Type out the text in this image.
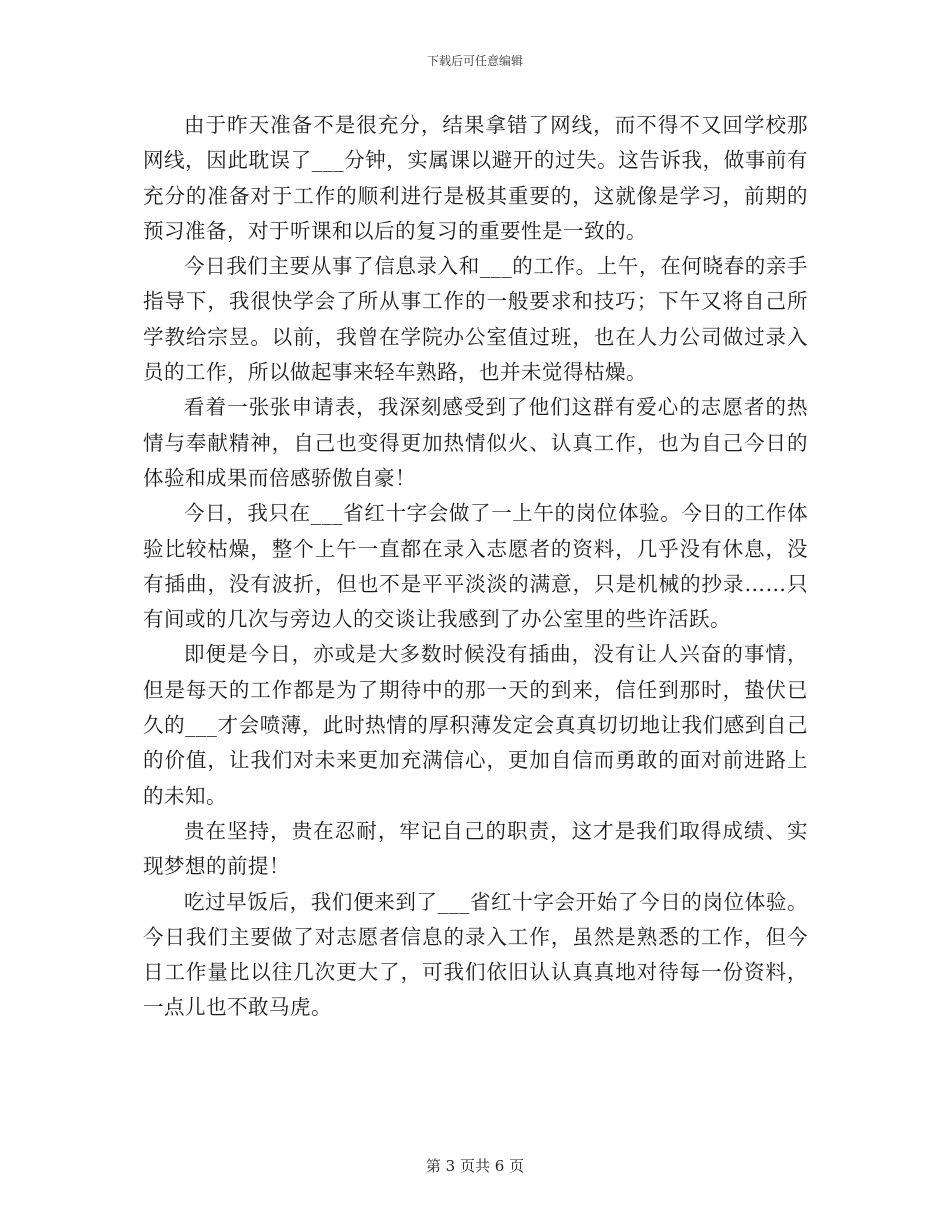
下载后可任意编辑

由于昨天准备不是很充分，结果拿错了网线，而不得不又回学校那网线，因此耽误了___分钟，实属课以避开的过失。这告诉我，做事前有充分的准备对于工作的顺利进行是极其重要的，这就像是学习，前期的预习准备，对于听课和以后的复习的重要性是一致的。

今日我们主要从事了信息录入和___的工作。上午，在何晓春的亲手指导下，我很快学会了所从事工作的一般要求和技巧；下午又将自己所学教给宗昱。以前，我曾在学院办公室值过班，也在人力公司做过录入员的工作，所以做起事来轻车熟路，也并未觉得枯燥。

看着一张张申请表，我深刻感受到了他们这群有爱心的志愿者的热情与奉献精神，自己也变得更加热情似火、认真工作，也为自己今日的体验和成果而倍感骄傲自豪！

今日，我只在___省红十字会做了一上午的岗位体验。今日的工作体验比较枯燥，整个上午一直都在录入志愿者的资料，几乎没有休息，没有插曲，没有波折，但也不是平平淡淡的满意，只是机械的抄录……只有间或的几次与旁边人的交谈让我感到了办公室里的些许活跃。

即便是今日，亦或是大多数时候没有插曲，没有让人兴奋的事情，但是每天的工作都是为了期待中的那一天的到来，信任到那时，蛰伏已久的___才会喷薄，此时热情的厚积薄发定会真真切切地让我们感到自己的价值，让我们对未来更加充满信心，更加自信而勇敢的面对前进路上的未知。

贵在坚持，贵在忍耐，牢记自己的职责，这才是我们取得成绩、实现梦想的前提！

吃过早饭后，我们便来到了___省红十字会开始了今日的岗位体验。今日我们主要做了对志愿者信息的录入工作，虽然是熟悉的工作，但今日工作量比以往几次更大了，可我们依旧认认真真地对待每一份资料，一点儿也不敢马虎。

第 3 页共 6 页
